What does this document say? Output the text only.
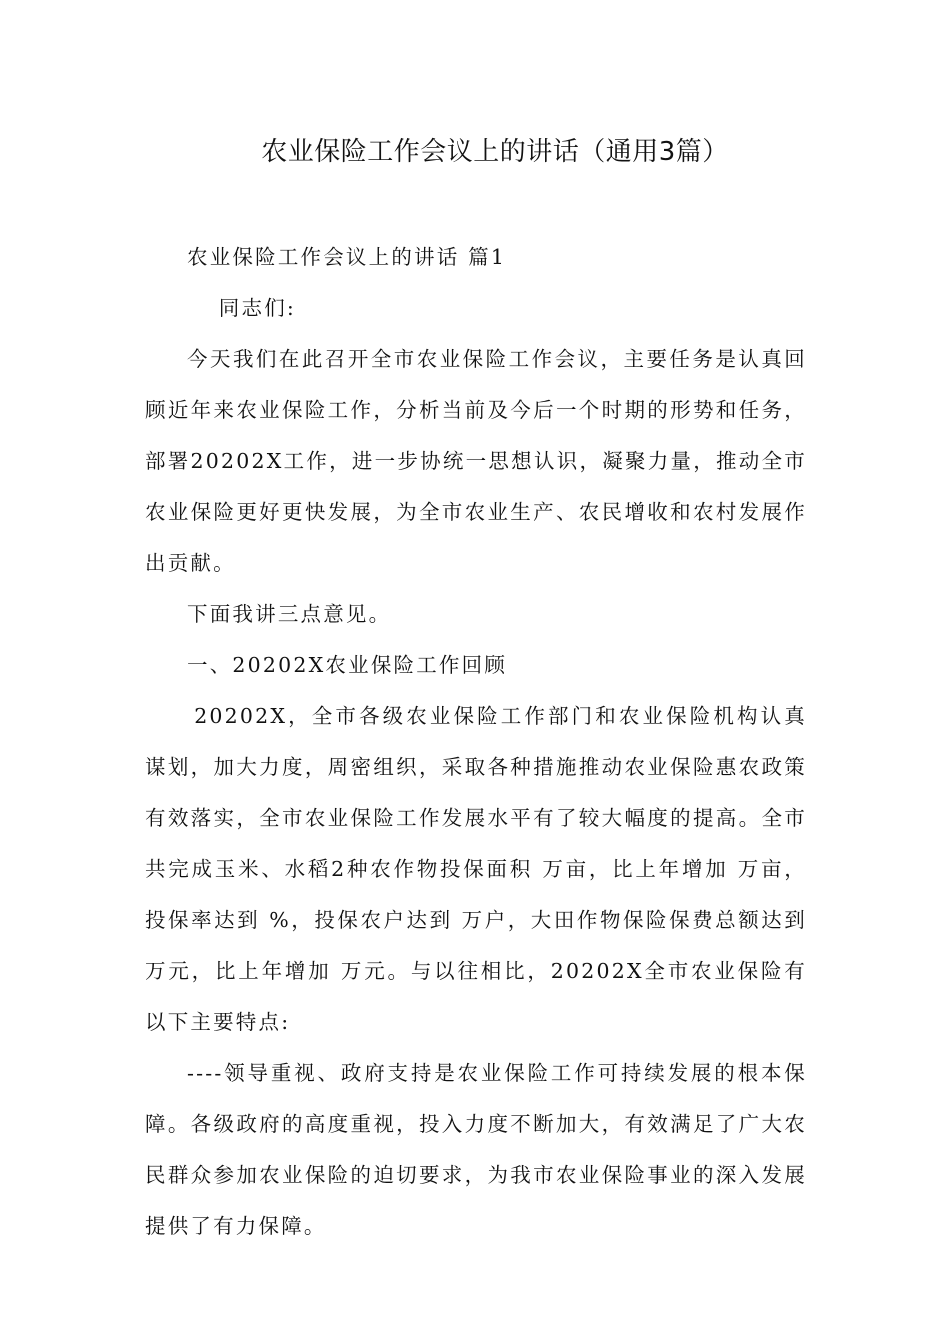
农业保险工作会议上的讲话（通用3篇）

农业保险工作会议上的讲话 篇1

同志们:

今天我们在此召开全市农业保险工作会议，主要任务是认真回顾近年来农业保险工作，分析当前及今后一个时期的形势和任务，部署20202X工作，进一步协统一思想认识，凝聚力量，推动全市农业保险更好更快发展，为全市农业生产、农民增收和农村发展作出贡献。

下面我讲三点意见。

一、20202X农业保险工作回顾

20202X，全市各级农业保险工作部门和农业保险机构认真谋划，加大力度，周密组织，采取各种措施推动农业保险惠农政策有效落实，全市农业保险工作发展水平有了较大幅度的提高。全市共完成玉米、水稻2种农作物投保面积 万亩，比上年增加 万亩，投保率达到 %，投保农户达到 万户，大田作物保险保费总额达到 万元，比上年增加 万元。与以往相比，20202X全市农业保险有以下主要特点:

----领导重视、政府支持是农业保险工作可持续发展的根本保障。各级政府的高度重视，投入力度不断加大，有效满足了广大农民群众参加农业保险的迫切要求，为我市农业保险事业的深入发展提供了有力保障。
